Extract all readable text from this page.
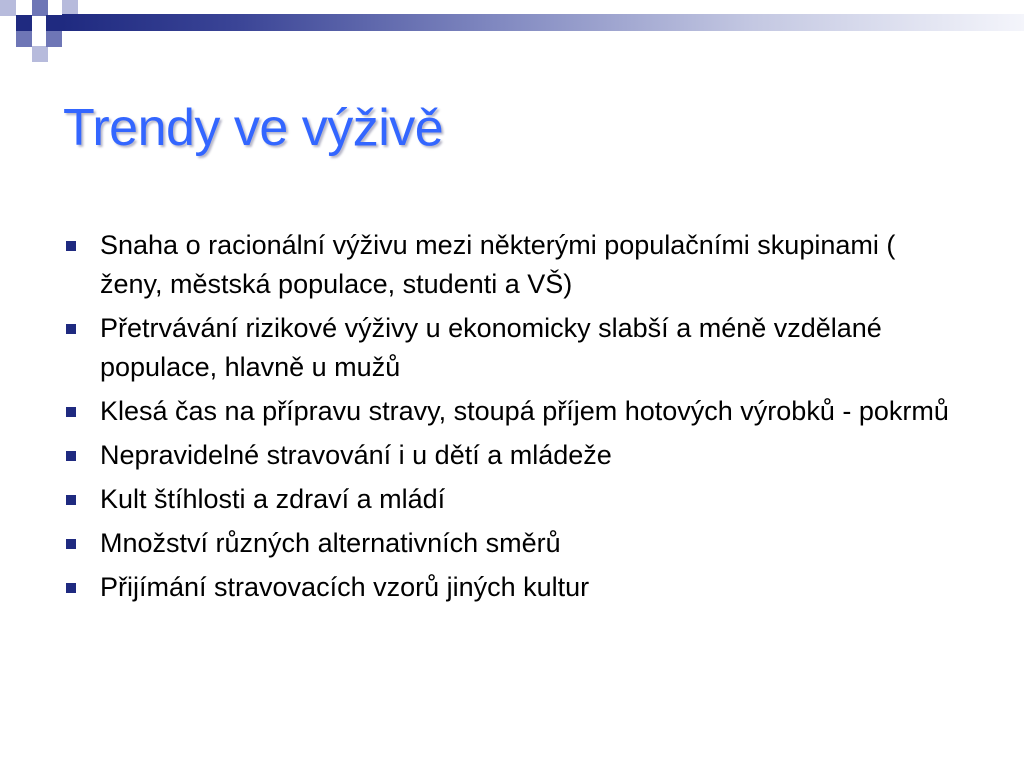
Trendy ve výživě
Snaha o racionální výživu mezi některými populačními skupinami ( ženy, městská populace, studenti a VŠ)
Přetrvávání rizikové výživy u ekonomicky slabší a méně vzdělané populace, hlavně u mužů
Klesá čas na přípravu stravy, stoupá příjem hotových výrobků - pokrmů
Nepravidelné stravování i u dětí a mládeže
Kult štíhlosti a zdraví a mládí
Množství různých alternativních směrů
Přijímání stravovacích vzorů jiných kultur
